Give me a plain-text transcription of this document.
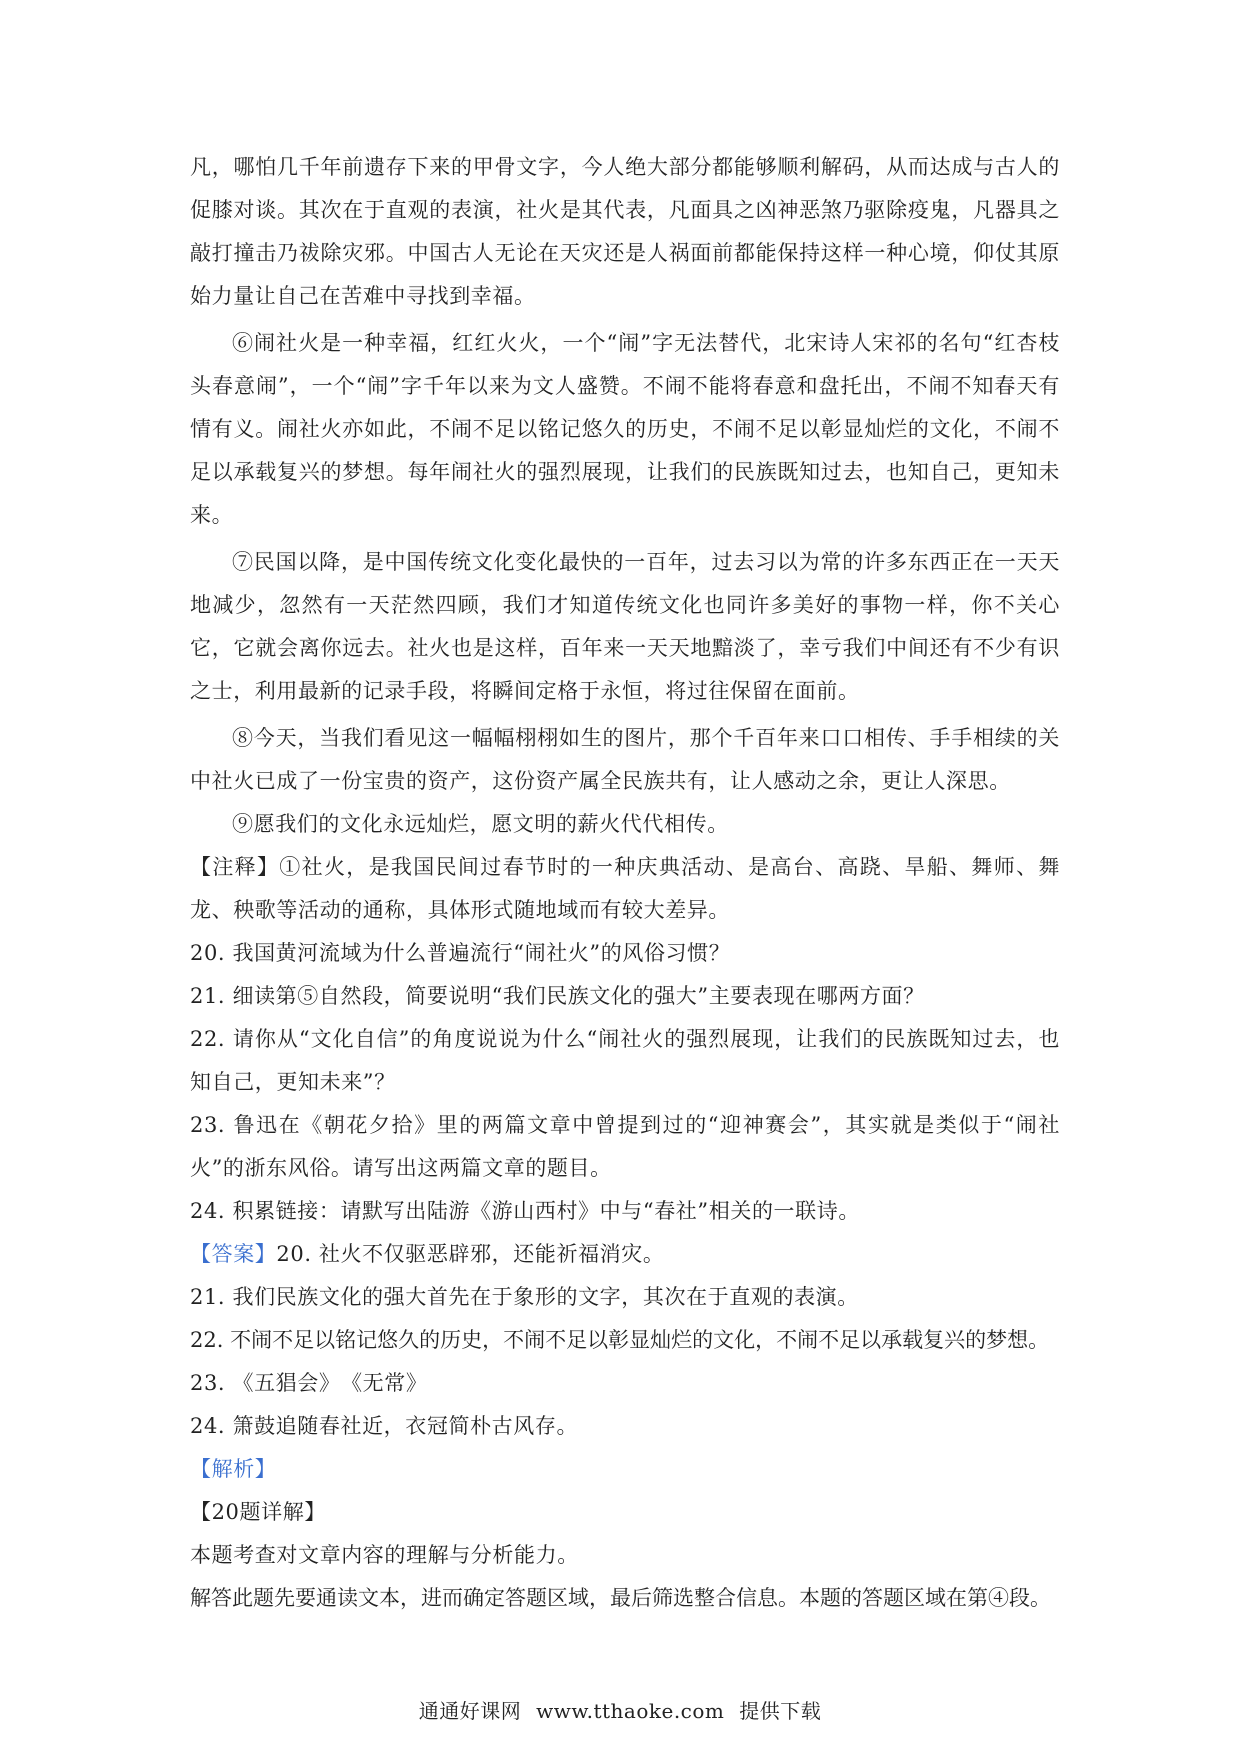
凡，哪怕几千年前遗存下来的甲骨文字，今人绝大部分都能够顺利解码，从而达成与古人的促膝对谈。其次在于直观的表演，社火是其代表，凡面具之凶神恶煞乃驱除疫鬼，凡器具之敲打撞击乃祓除灾邪。中国古人无论在天灾还是人祸面前都能保持这样一种心境，仰仗其原始力量让自己在苦难中寻找到幸福。

⑥闹社火是一种幸福，红红火火，一个“闹”字无法替代，北宋诗人宋祁的名句“红杏枝头春意闹”，一个“闹”字千年以来为文人盛赞。不闹不能将春意和盘托出，不闹不知春天有情有义。闹社火亦如此，不闹不足以铭记悠久的历史，不闹不足以彰显灿烂的文化，不闹不足以承载复兴的梦想。每年闹社火的强烈展现，让我们的民族既知过去，也知自己，更知未来。

⑦民国以降，是中国传统文化变化最快的一百年，过去习以为常的许多东西正在一天天地减少，忽然有一天茫然四顾，我们才知道传统文化也同许多美好的事物一样，你不关心它，它就会离你远去。社火也是这样，百年来一天天地黯淡了，幸亏我们中间还有不少有识之士，利用最新的记录手段，将瞬间定格于永恒，将过往保留在面前。

⑧今天，当我们看见这一幅幅栩栩如生的图片，那个千百年来口口相传、手手相续的关中社火已成了一份宝贵的资产，这份资产属全民族共有，让人感动之余，更让人深思。

⑨愿我们的文化永远灿烂，愿文明的薪火代代相传。

【注释】①社火，是我国民间过春节时的一种庆典活动、是高台、高跷、旱船、舞师、舞龙、秧歌等活动的通称，具体形式随地域而有较大差异。

20. 我国黄河流域为什么普遍流行“闹社火”的风俗习惯？

21. 细读第⑤自然段，简要说明“我们民族文化的强大”主要表现在哪两方面？

22. 请你从“文化自信”的角度说说为什么“闹社火的强烈展现，让我们的民族既知过去，也知自己，更知未来”？

23. 鲁迅在《朝花夕拾》里的两篇文章中曾提到过的“迎神赛会”，其实就是类似于“闹社火”的浙东风俗。请写出这两篇文章的题目。

24. 积累链接：请默写出陆游《游山西村》中与“春社”相关的一联诗。

【答案】20. 社火不仅驱恶辟邪，还能祈福消灾。

21. 我们民族文化的强大首先在于象形的文字，其次在于直观的表演。

22. 不闹不足以铭记悠久的历史，不闹不足以彰显灿烂的文化，不闹不足以承载复兴的梦想。

23. 《五猖会》　《无常》

24. 箫鼓追随春社近，衣冠简朴古风存。

【解析】

【20题详解】

本题考查对文章内容的理解与分析能力。

解答此题先要通读文本，进而确定答题区域，最后筛选整合信息。本题的答题区域在第④段。

通通好课网 www.tthaoke.com 提供下载
